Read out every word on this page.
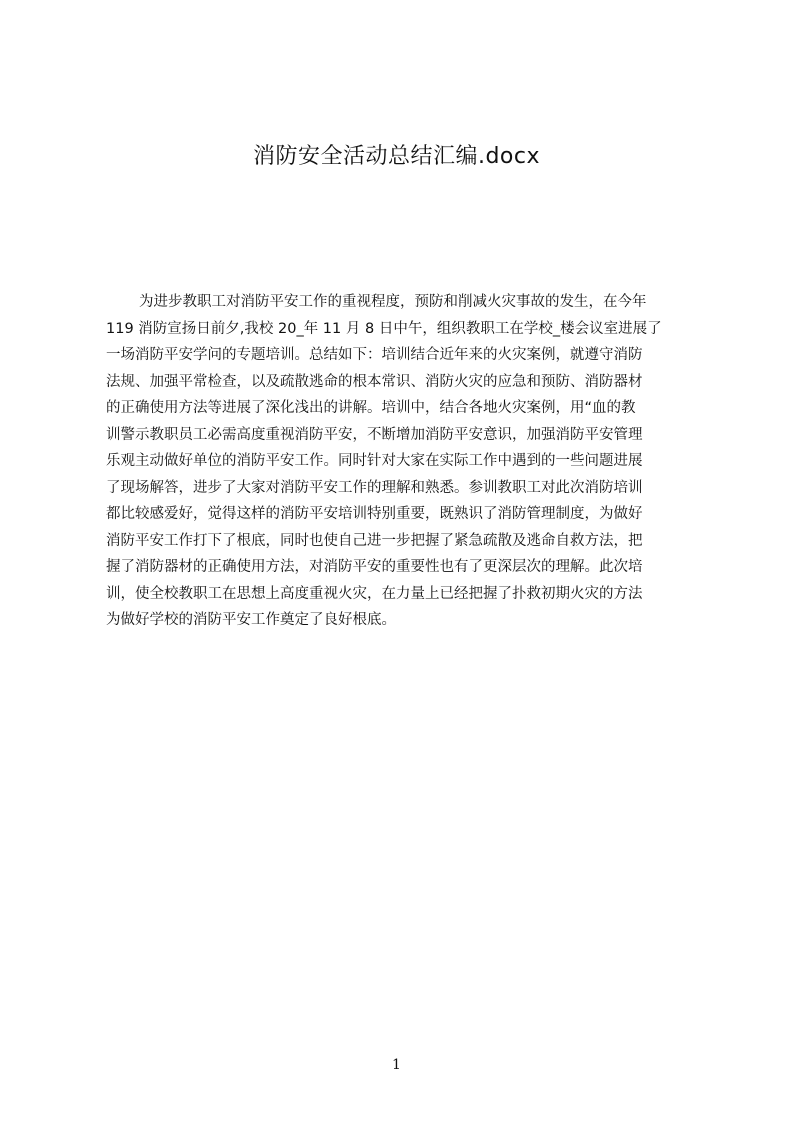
消防安全活动总结汇编.docx
为进步教职工对消防平安工作的重视程度，预防和削减火灾事故的发生，在今年
119 消防宣扬日前夕,我校 20_年 11 月 8 日中午，组织教职工在学校_楼会议室进展了
一场消防平安学问的专题培训。总结如下：培训结合近年来的火灾案例，就遵守消防
法规、加强平常检查，以及疏散逃命的根本常识、消防火灾的应急和预防、消防器材
的正确使用方法等进展了深化浅出的讲解。培训中，结合各地火灾案例，用“血的教
训警示教职员工必需高度重视消防平安，不断增加消防平安意识，加强消防平安管理
乐观主动做好单位的消防平安工作。同时针对大家在实际工作中遇到的一些问题进展
了现场解答，进步了大家对消防平安工作的理解和熟悉。参训教职工对此次消防培训
都比较感爱好，觉得这样的消防平安培训特别重要，既熟识了消防管理制度，为做好
消防平安工作打下了根底，同时也使自己进一步把握了紧急疏散及逃命自救方法，把
握了消防器材的正确使用方法，对消防平安的重要性也有了更深层次的理解。此次培
训，使全校教职工在思想上高度重视火灾，在力量上已经把握了扑救初期火灾的方法
为做好学校的消防平安工作奠定了良好根底。
1
